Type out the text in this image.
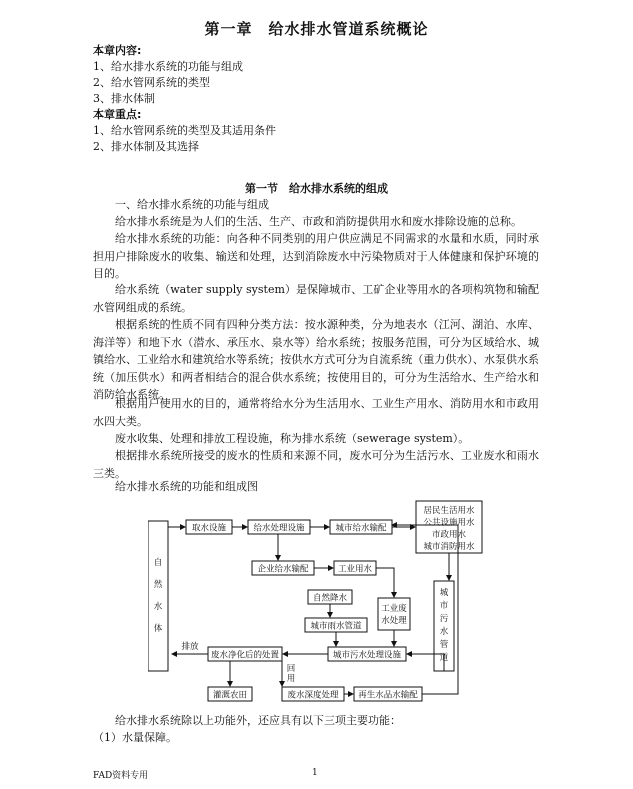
第一章　给水排水管道系统概论
本章内容:
1、给水排水系统的功能与组成
2、给水管网系统的类型
3、排水体制
本章重点:
1、给水管网系统的类型及其适用条件
2、排水体制及其选择
第一节　给水排水系统的组成

一、给水排水系统的功能与组成

给水排水系统是为人们的生活、生产、市政和消防提供用水和废水排除设施的总称。

给水排水系统的功能：向各种不同类别的用户供应满足不同需求的水量和水质，同时承担用户排除废水的收集、输送和处理，达到消除废水中污染物质对于人体健康和保护环境的目的。

给水系统（water supply system）是保障城市、工矿企业等用水的各项构筑物和输配水管网组成的系统。

根据系统的性质不同有四种分类方法：按水源种类，分为地表水（江河、湖泊、水库、海洋等）和地下水（潜水、承压水、泉水等）给水系统；按服务范围，可分为区域给水、城镇给水、工业给水和建筑给水等系统；按供水方式可分为自流系统（重力供水）、水泵供水系统（加压供水）和两者相结合的混合供水系统；按使用目的，可分为生活给水、生产给水和消防给水系统。

根据用户使用水的目的，通常将给水分为生活用水、工业生产用水、消防用水和市政用水四大类。

废水收集、处理和排放工程设施，称为排水系统（sewerage system）。

根据排水系统所接受的废水的性质和来源不同，废水可分为生活污水、工业废水和雨水三类。

给水排水系统的功能和组成图

自
然
水
体
取水设施	给水处理设施	城市给水输配
居民生活用水
公共设施用水
市政用水
城市消防用水
企业给水输配	工业用水
自然降水
城市雨水管道
工业废
水处理
城
市
污
水
管
道
城市污水处理设施
废水净化后的处置
排放
灌溉农田	废水深度处理 再生水品水输配
回
用

给水排水系统除以上功能外，还应具有以下三项主要功能：

（1）水量保障。

FAD资料专用	1
